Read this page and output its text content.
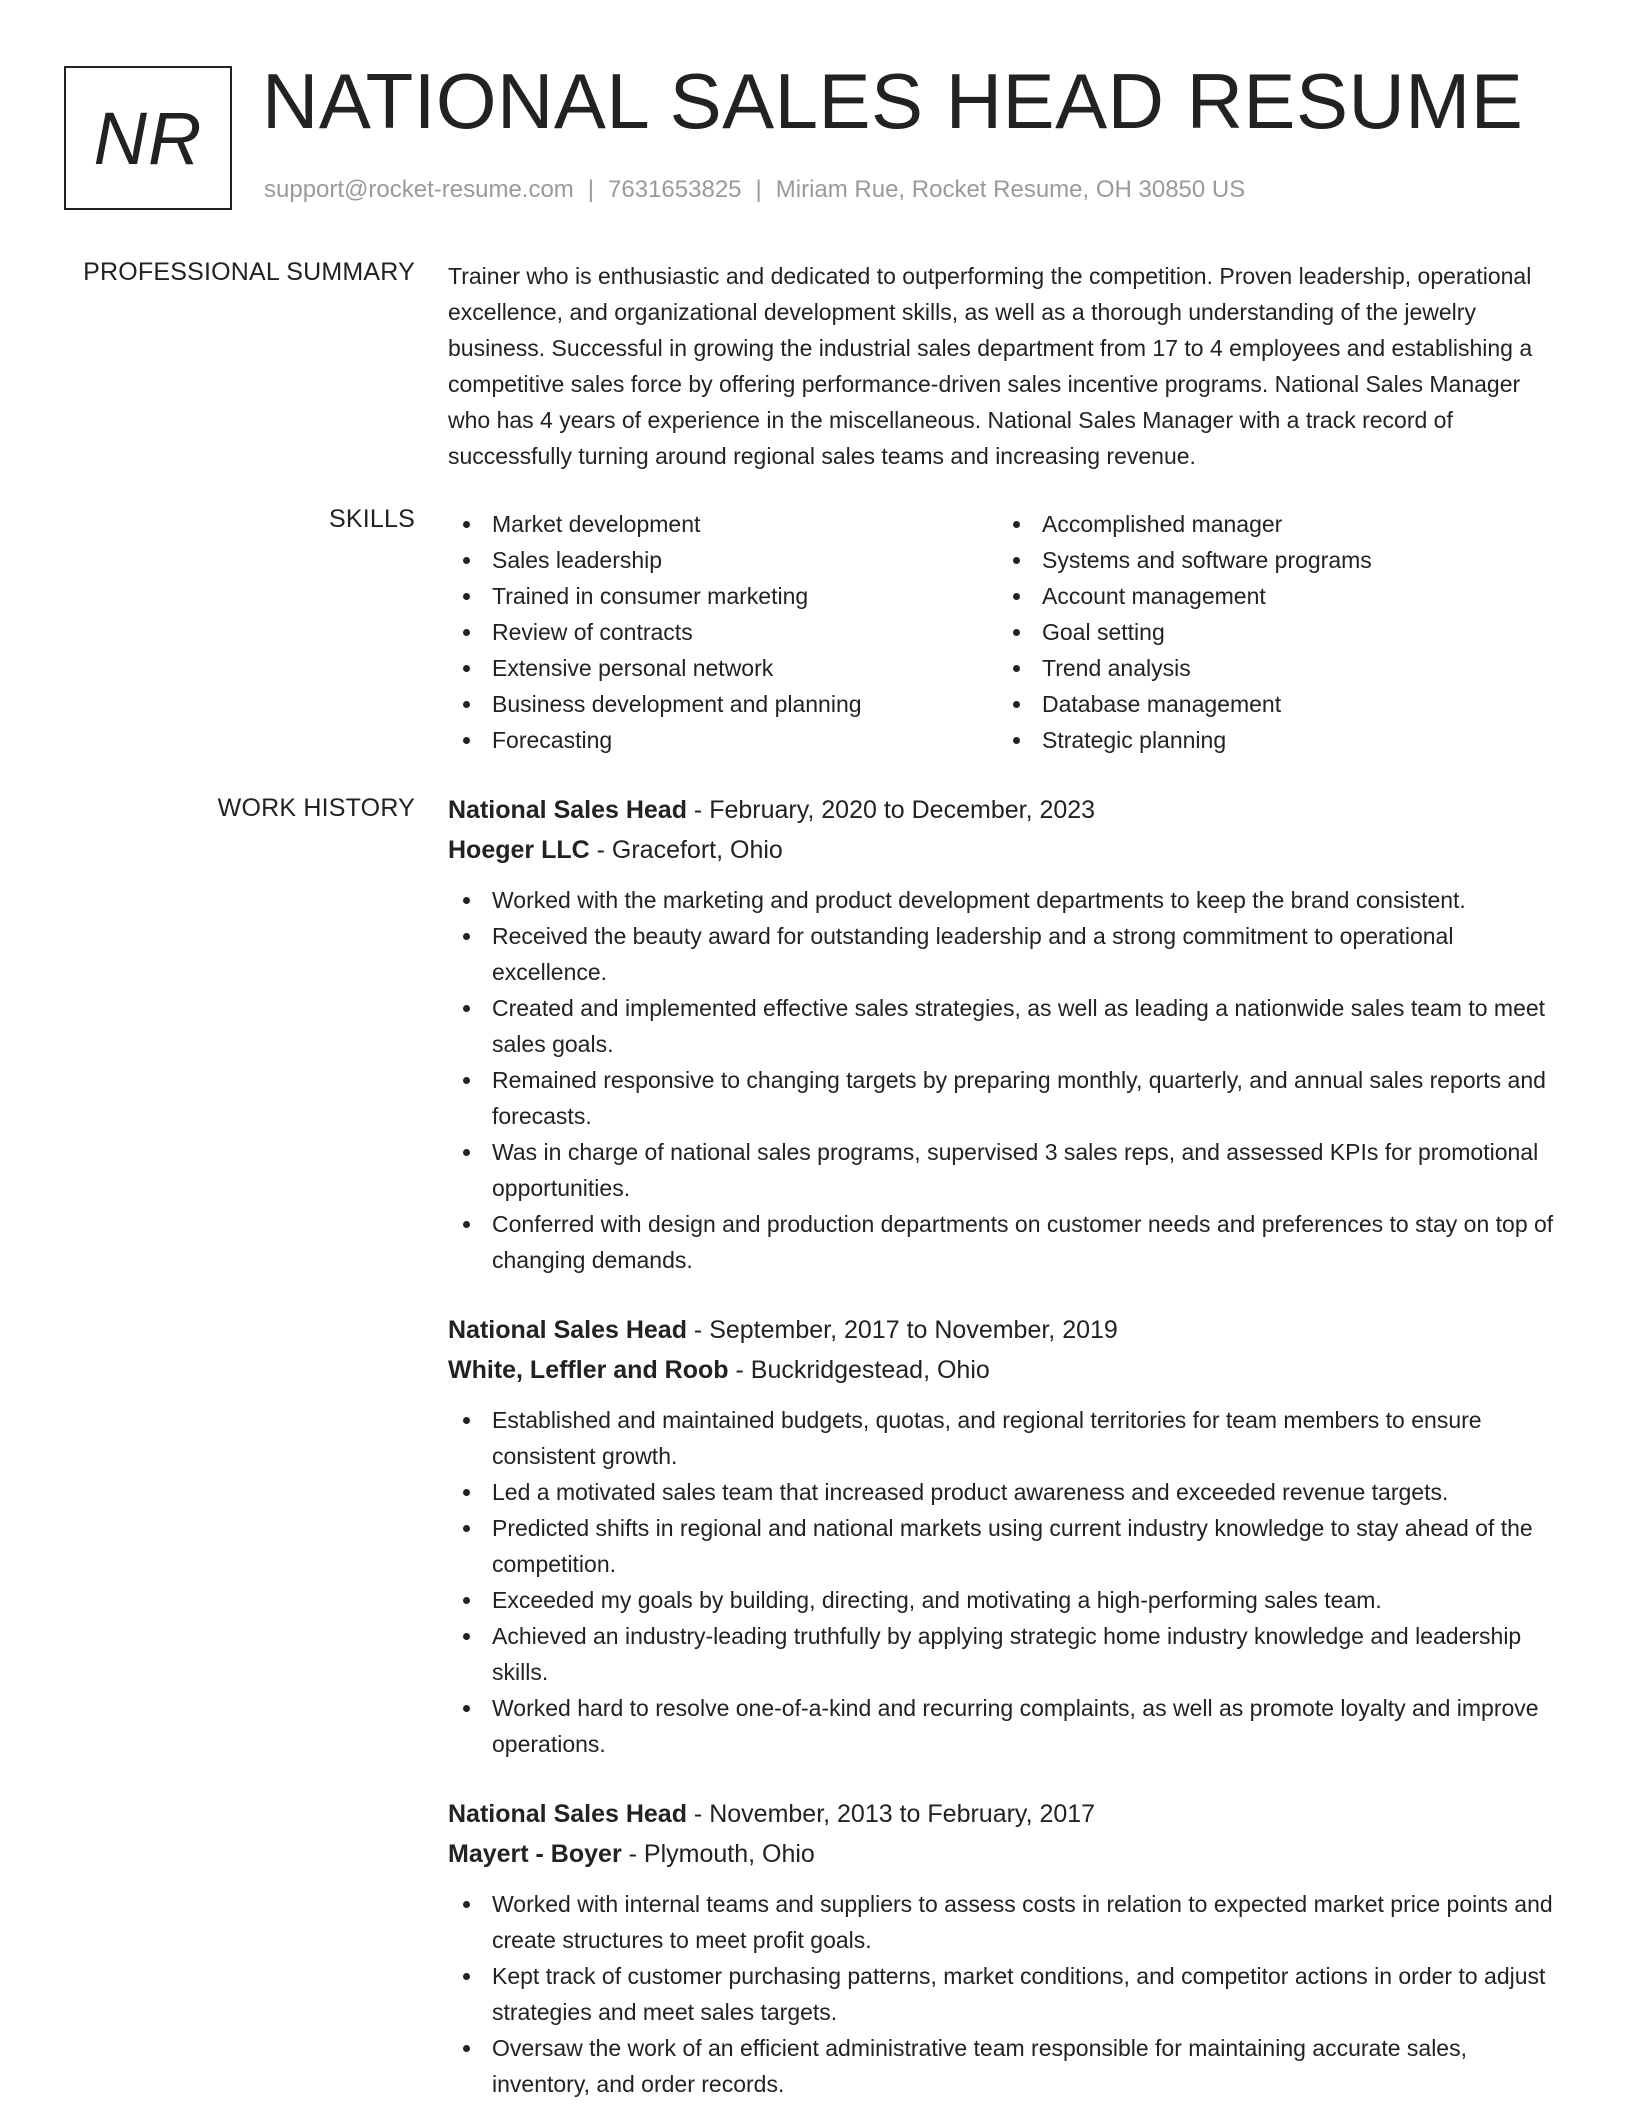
NR NATIONAL SALES HEAD RESUME
support@rocket-resume.com | 7631653825 | Miriam Rue, Rocket Resume, OH 30850 US
PROFESSIONAL SUMMARY Trainer who is enthusiastic and dedicated to outperforming the competition. Proven leadership, operational excellence, and organizational development skills, as well as a thorough understanding of the jewelry business. Successful in growing the industrial sales department from 17 to 4 employees and establishing a competitive sales force by offering performance-driven sales incentive programs. National Sales Manager who has 4 years of experience in the miscellaneous. National Sales Manager with a track record of successfully turning around regional sales teams and increasing revenue.

SKILLS	Market development
Sales leadership
Trained in consumer marketing
Review of contracts
Extensive personal network
Business development and planning
Forecasting
Accomplished manager
Systems and software programs
Account management
Goal setting
Trend analysis
Database management
Strategic planning
WORK HISTORY National Sales Head - February, 2020 to December, 2023
Hoeger LLC - Gracefort, Ohio
Worked with the marketing and product development departments to keep the brand consistent.
Received the beauty award for outstanding leadership and a strong commitment to operational excellence.
Created and implemented effective sales strategies, as well as leading a nationwide sales team to meet sales goals.
Remained responsive to changing targets by preparing monthly, quarterly, and annual sales reports and forecasts.
Was in charge of national sales programs, supervised 3 sales reps, and assessed KPIs for promotional opportunities.
Conferred with design and production departments on customer needs and preferences to stay on top of changing demands.
National Sales Head - September, 2017 to November, 2019
White, Leffler and Roob - Buckridgestead, Ohio
Established and maintained budgets, quotas, and regional territories for team members to ensure consistent growth.
Led a motivated sales team that increased product awareness and exceeded revenue targets.
Predicted shifts in regional and national markets using current industry knowledge to stay ahead of the competition.
Exceeded my goals by building, directing, and motivating a high-performing sales team.
Achieved an industry-leading truthfully by applying strategic home industry knowledge and leadership skills.
Worked hard to resolve one-of-a-kind and recurring complaints, as well as promote loyalty and improve operations.
National Sales Head - November, 2013 to February, 2017
Mayert - Boyer - Plymouth, Ohio
Worked with internal teams and suppliers to assess costs in relation to expected market price points and create structures to meet profit goals.
Kept track of customer purchasing patterns, market conditions, and competitor actions in order to adjust strategies and meet sales targets.
Oversaw the work of an efficient administrative team responsible for maintaining accurate sales, inventory, and order records.
